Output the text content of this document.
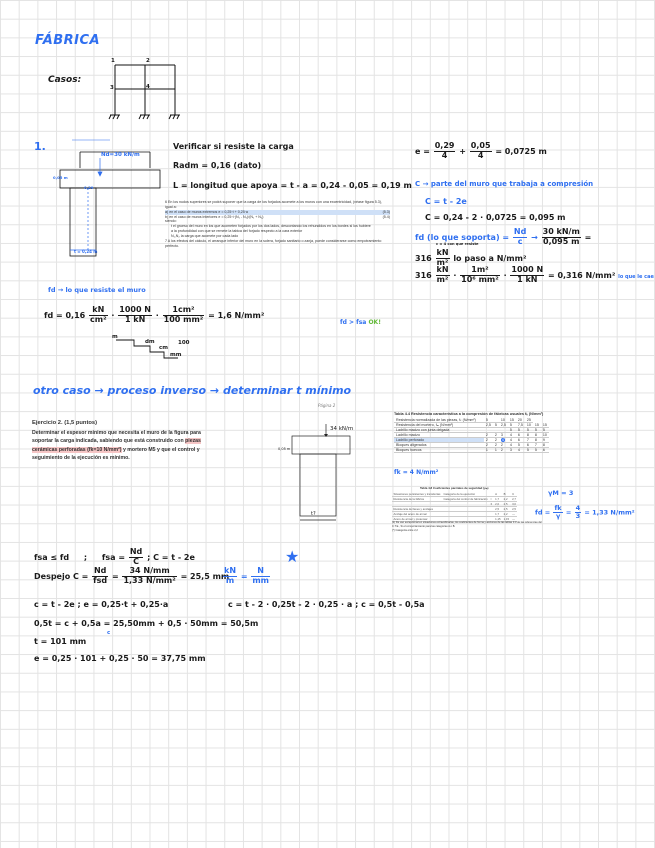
FÁBRICA
Casos:
1	2
3	4
1.
Nd=30 kN/m
0,05 m
0,29
t = 0,24 m
Verificar si resiste la carga
Radm = 0,16 (dato)
L = longitud que apoya = t - a = 0,24 - 0,05 = 0,19 m
6 En los nudos superiores se podrá suponer que la carga de los forjados acomete a los muros con una excentricidad, (véase figura 5.3), igual a:
a) en el caso de muros extremos e = 0,25·t + 0,25·a	(5.3)
b) en el caso de muros interiores e = 0,25·t·(N₁ - N₂)/(N₁ + N₂)	(5.4)
siendo:
t el grueso del muro en los que acometen forjados por los dos lados, descontando los rehundidos en los bordes si los hubiere
a la profundidad con que se remete la tabica del forjado respecto a la cara exterior
N₁,N₂ la carga que acomete por cada lado
7 A los efectos del cálculo, el arranque inferior del muro en la solera, forjado sanitario o zanja, puede considerarse como empotramiento perfecto.
$e = \frac{0,29}{4} + \frac{0,05}{4} = 0,0725$ m
C → parte del muro que trabaja a compresión
C = t - 2e
C = 0,24 - 2 · 0,0725 = 0,095 m
fd (lo que soporta) = $\frac{Nd}{c} \to \frac{30 kN/m}{0,095 m}$ =
c = 4 con que resiste
$316 \frac{kN}{\text{m²}}$ lo paso a N/mm²
$316 \frac{kN}{\text{m²}} \cdot \frac{\text{1m²}}{\text{10⁶ mm²}} \cdot \frac{1000 N}{1 kN} = 0,316$ N/mm² lo que le cae
fd → lo que resiste el muro
fd = $0,16 \frac{kN}{\text{cm²}} \cdot \frac{1000 N}{1 kN} \cdot \frac{\text{1cm²}}{\text{100 mm²}} = 1,6$ N/mm²
fd > fsa OK!
m
dm
cm
mm
100
otro caso → proceso inverso → determinar t mínimo
Página 2
Ejercicio 2. (1,5 puntos)
Determinar el espesor mínimo que necesita el muro de la figura para soportar la carga indicada, sabiendo que está construido con piezas cerámicas perforadas (fk=10 N/mm²) y mortero M5 y que el control y seguimiento de la ejecución es mínimo.
34 kN/m
0,05 m
t?
Tabla 4.4 Resistencia característica a la compresión de fábricas usuales fₖ (N/mm²)
Resistencia normalizada de las piezas, fₖ (N/mm²)	5		10	15	20	25		
Resistencia del mortero, fₘ (N/mm²)	2,5	5	2,5	5	7,5	10	15	15
Ladrillo macizo con junta delgada				5	5	5	5	5
Ladrillo macizo	2	2	3	4	6	8	8	10
Ladrillo perforado	2	2	4	4	6	7	8	9
Bloques aligerados	2	2	2	4	5	6	7	8
Bloques huecos	1	1	2	3	4	5	5	6
fk = 4 N/mm²
Tabla 4.8 Coeficientes parciales de seguridad (γₘ)
Situaciones persistentes y transitorias	Categoría de la ejecución		A	B	C
Resistencia de la fábrica	Categoría del control de fabricación	I	1,7	2,2	2,7
		II	2,0	2,5	3,0
Resistencia de llaves y anclajes			2,5	2,5	2,5
Anclaje del acero de armar			1,7	2,2	—
Acero de armar y pretensar			1,15	1,15	—
(1) De uso excepcional en situaciones extraordinarias, los coeficientes de forma y acciones de las tablas 3.3 de las referencias del C.T.E., Si el comportamiento para las categorías A o B.
(*) Categoría entre 2,2
γM = 3
fd = $\frac{fk}{\gamma} = \frac{4}{3} = 1,33$ N/mm²
fsa ≤ fd ; fsa = $\frac{Nd}{C}$ ; C = t - 2e
Despejo $C = \frac{Nd}{\text{fsd}} = \frac{34 N/mm}{\text{1,33 N/mm²}} = 25,5$ mm
$\frac{kN}{m} = \frac{N}{mm}$
★
c = t - 2e ; e = 0,25·t + 0,25·a	c = t - 2 · 0,25t - 2 · 0,25 · a ; c = 0,5t - 0,5a
0,5t = c + 0,5a = 25,50mm + 0,5 · 50mm = 50,5m
c
t = 101 mm
e = 0,25 · 101 + 0,25 · 50 = 37,75 mm
